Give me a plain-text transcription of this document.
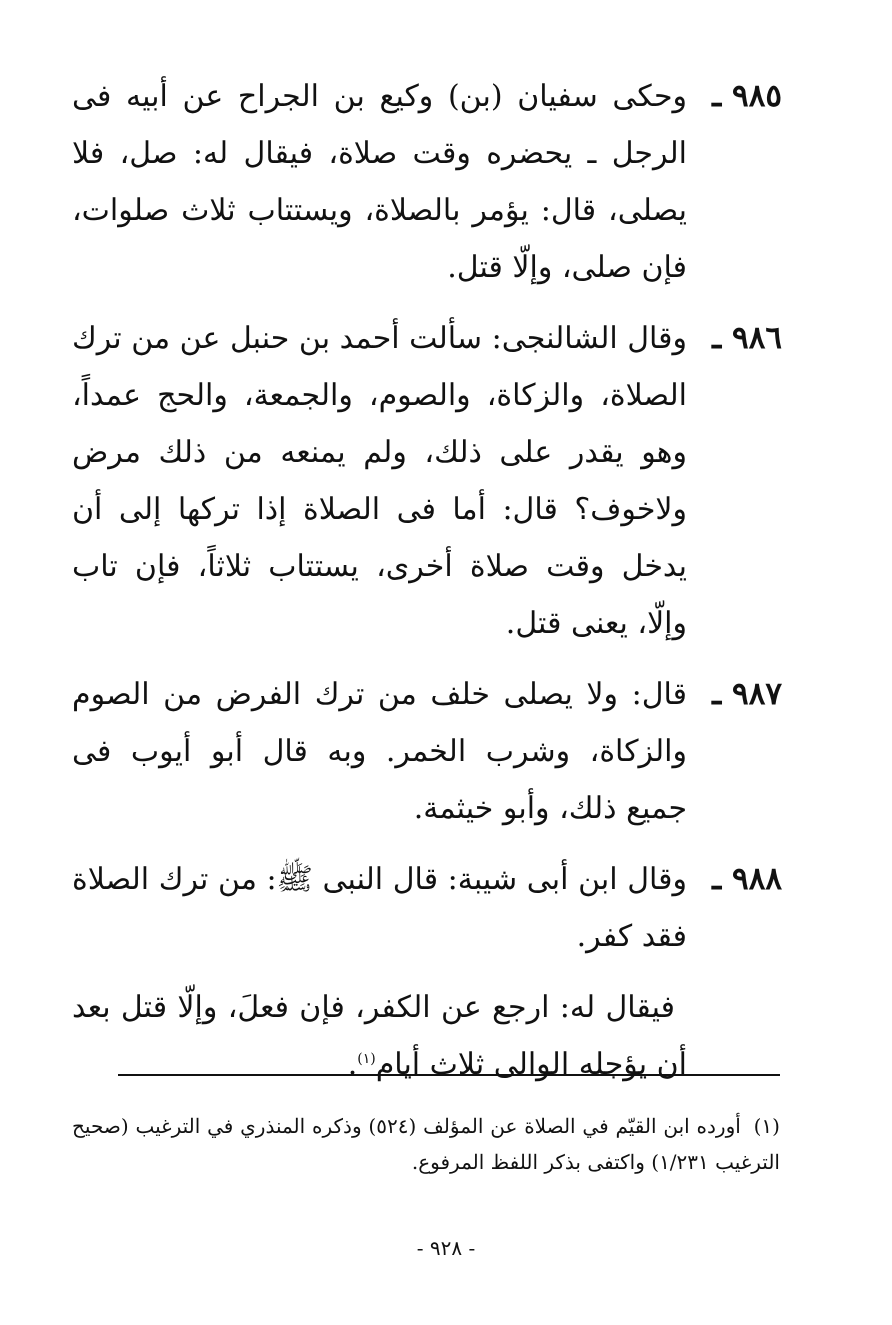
٩٨٥ ـ
وحكى سفيان (بن) وكيع بن الجراح عن أبيه فى الرجل ـ يحضره وقت صلاة، فيقال له: صل، فلا يصلى، قال: يؤمر بالصلاة، ويستتاب ثلاث صلوات، فإن صلى، وإلّا قتل.
٩٨٦ ـ
وقال الشالنجى: سألت أحمد بن حنبل عن من ترك الصلاة، والزكاة، والصوم، والجمعة، والحج عمداً، وهو يقدر على ذلك، ولم يمنعه من ذلك مرض ولاخوف؟ قال: أما فى الصلاة إذا تركها إلى أن يدخل وقت صلاة أخرى، يستتاب ثلاثاً، فإن تاب وإلّا، يعنى قتل.
٩٨٧ ـ
قال: ولا يصلى خلف من ترك الفرض من الصوم والزكاة، وشرب الخمر. وبه قال أبو أيوب فى جميع ذلك، وأبو خيثمة.
٩٨٨ ـ
وقال ابن أبى شيبة: قال النبى ﷺ: من ترك الصلاة فقد كفر.
فيقال له: ارجع عن الكفر، فإن فعلَ، وإلّا قتل بعد أن يؤجله الوالى ثلاث أيام$^{(١)}$.
(١) أورده ابن القيّم في الصلاة عن المؤلف (٥٢٤) وذكره المنذري في الترغيب (صحيح الترغيب ١/٢٣١) واكتفى بذكر اللفظ المرفوع.
- ٩٢٨ -
